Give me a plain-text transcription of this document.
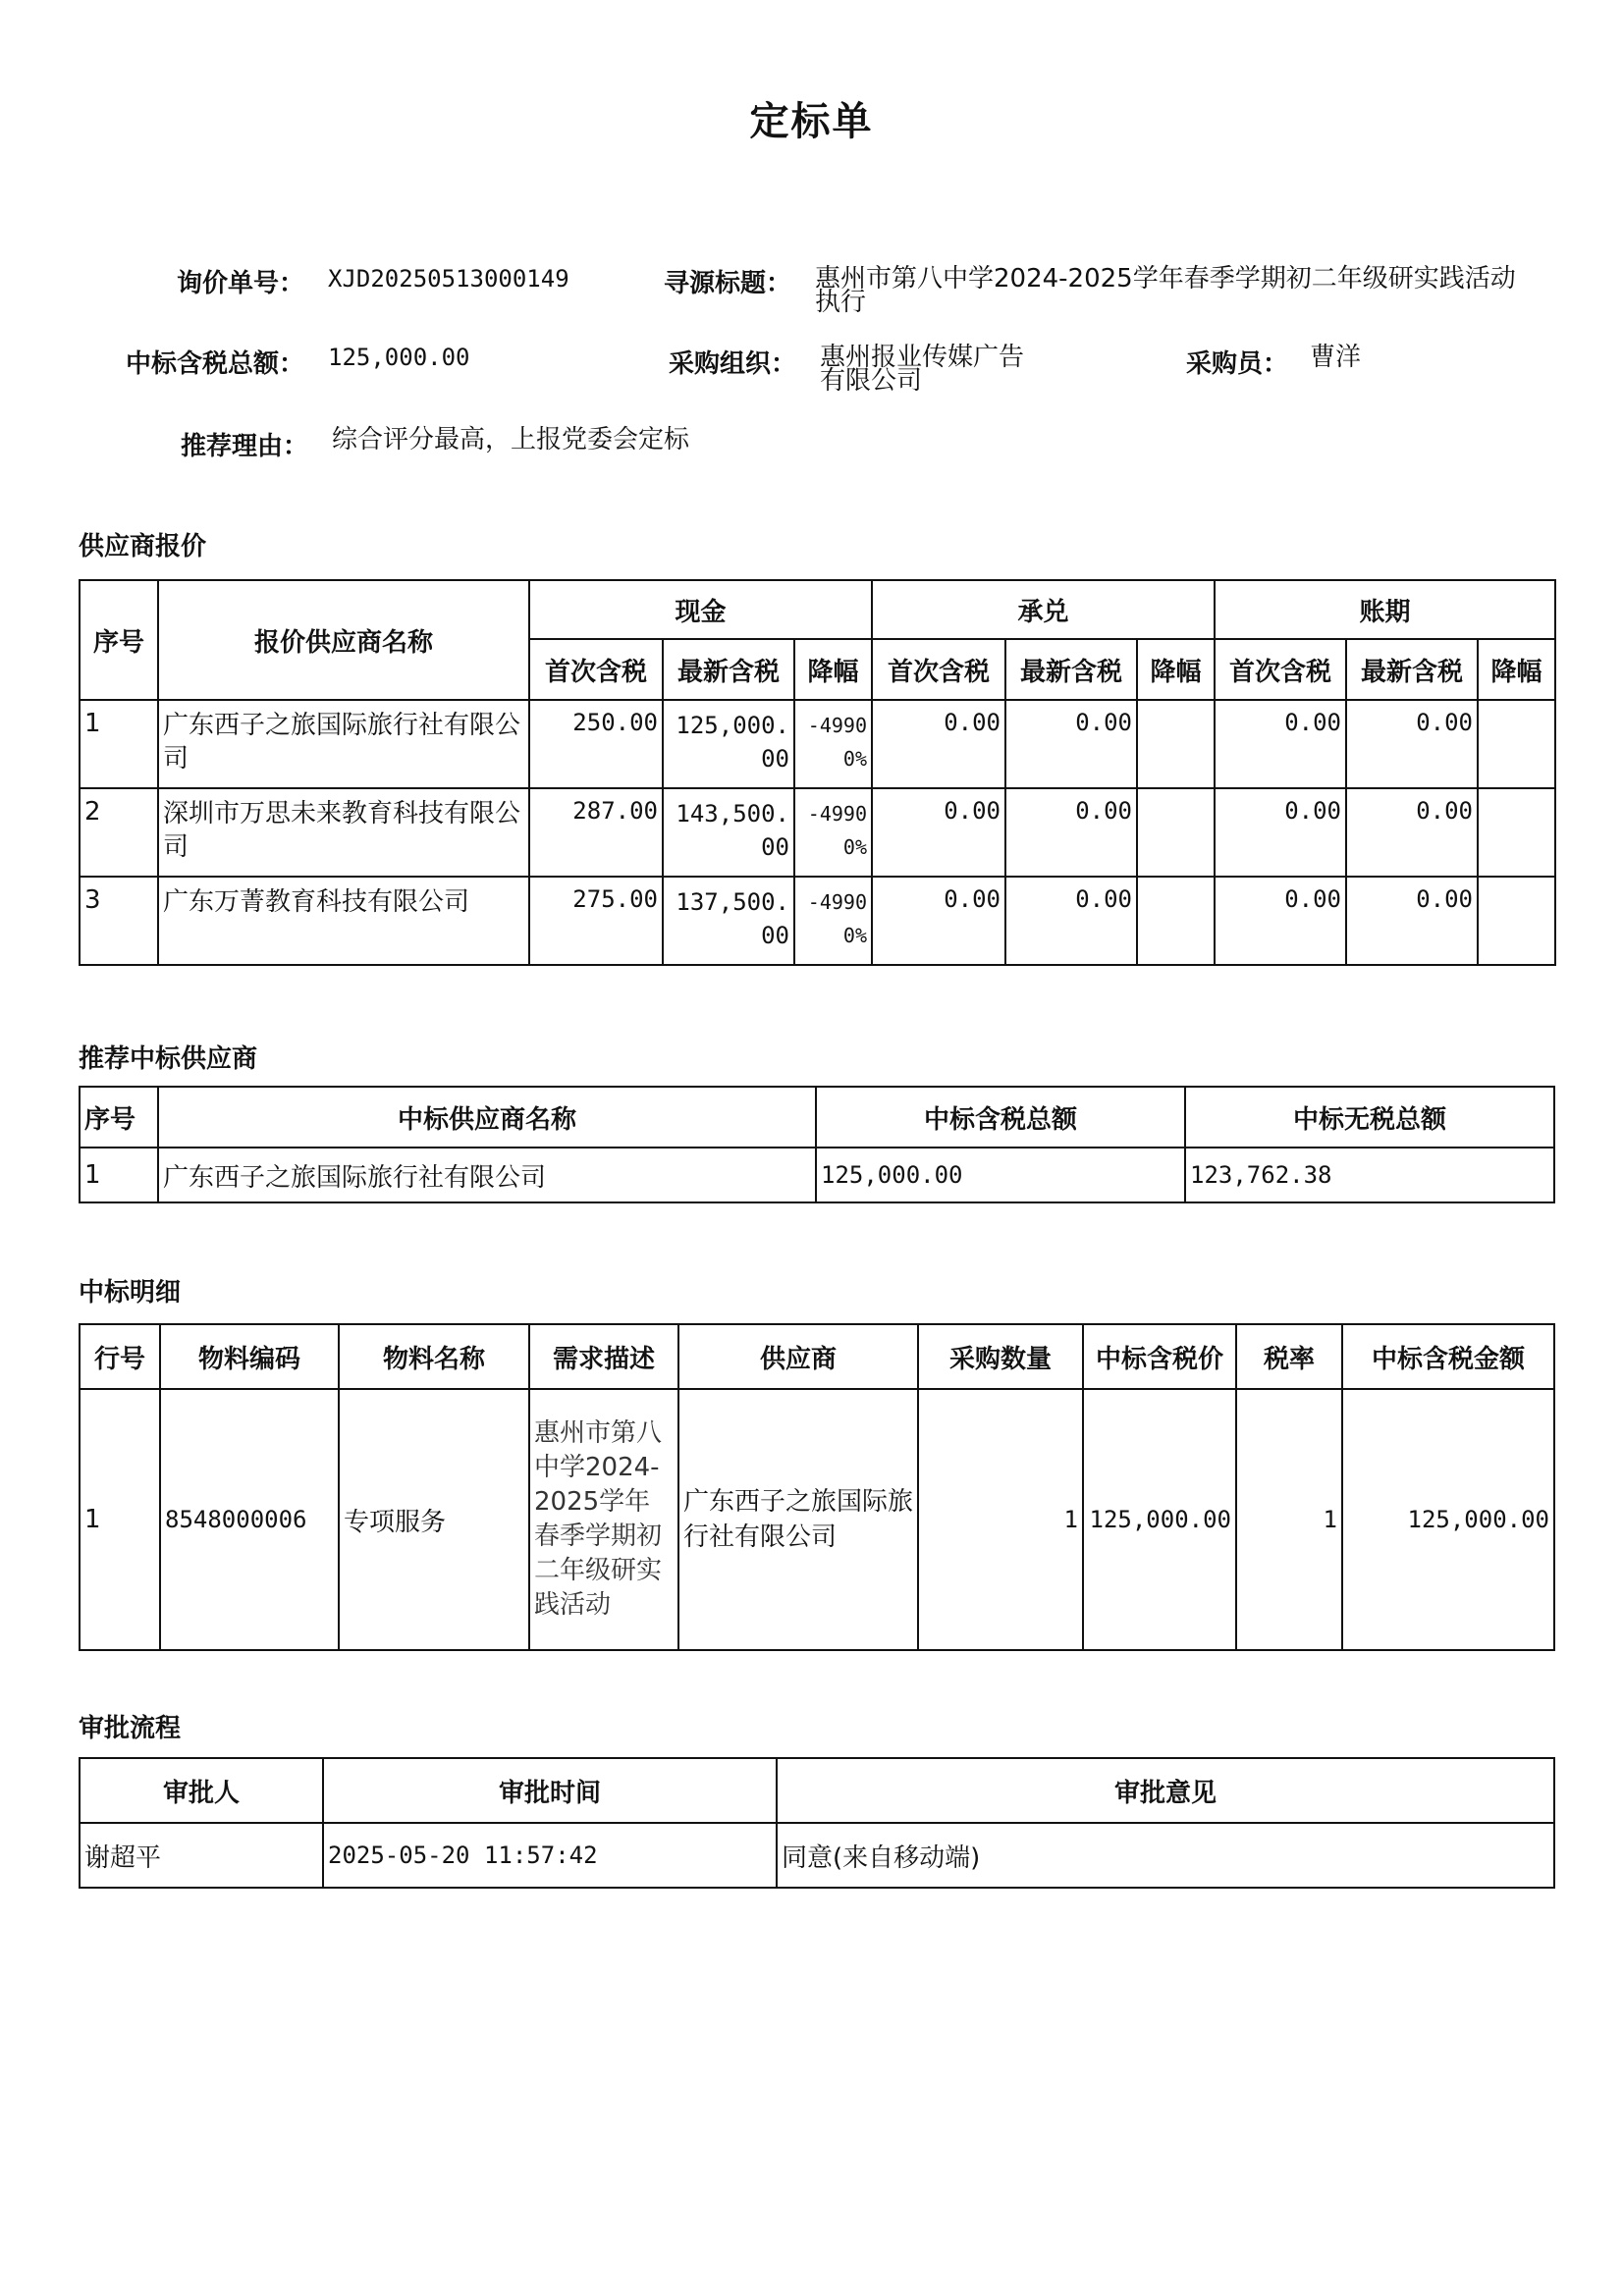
定标单
询价单号： XJD20250513000149	寻源标题： 惠州市第八中学2024-2025学年春季学期初二年级研实践活动
执行
中标含税总额： 125,000.00	采购组织： 惠州报业传媒广告
有限公司
采购员： 曹洋
推荐理由： 综合评分最高，上报党委会定标
供应商报价
序号	报价供应商名称	现金			承兑			账期		
		首次含税	最新含税	降幅	首次含税	最新含税	降幅	首次含税	最新含税	降幅
1	广东西子之旅国际旅行社有限公司	250.00	125,000.00	-49900%	0.00	0.00		0.00	0.00	
2	深圳市万思未来教育科技有限公司	287.00	143,500.00	-49900%	0.00	0.00		0.00	0.00	
3	广东万菁教育科技有限公司	275.00	137,500.00	-49900%	0.00	0.00		0.00	0.00	
推荐中标供应商
序号	中标供应商名称	中标含税总额	中标无税总额
1	广东西子之旅国际旅行社有限公司	125,000.00	123,762.38
中标明细
行号	物料编码	物料名称	需求描述	供应商	采购数量	中标含税价	税率	中标含税金额
1	8548000006	专项服务	惠州市第八中学2024-2025学年春季学期初二年级研实践活动	广东西子之旅国际旅行社有限公司	1	125,000.00	1	125,000.00
审批流程
审批人	审批时间	审批意见
谢超平	2025-05-20 11:57:42	同意(来自移动端)
